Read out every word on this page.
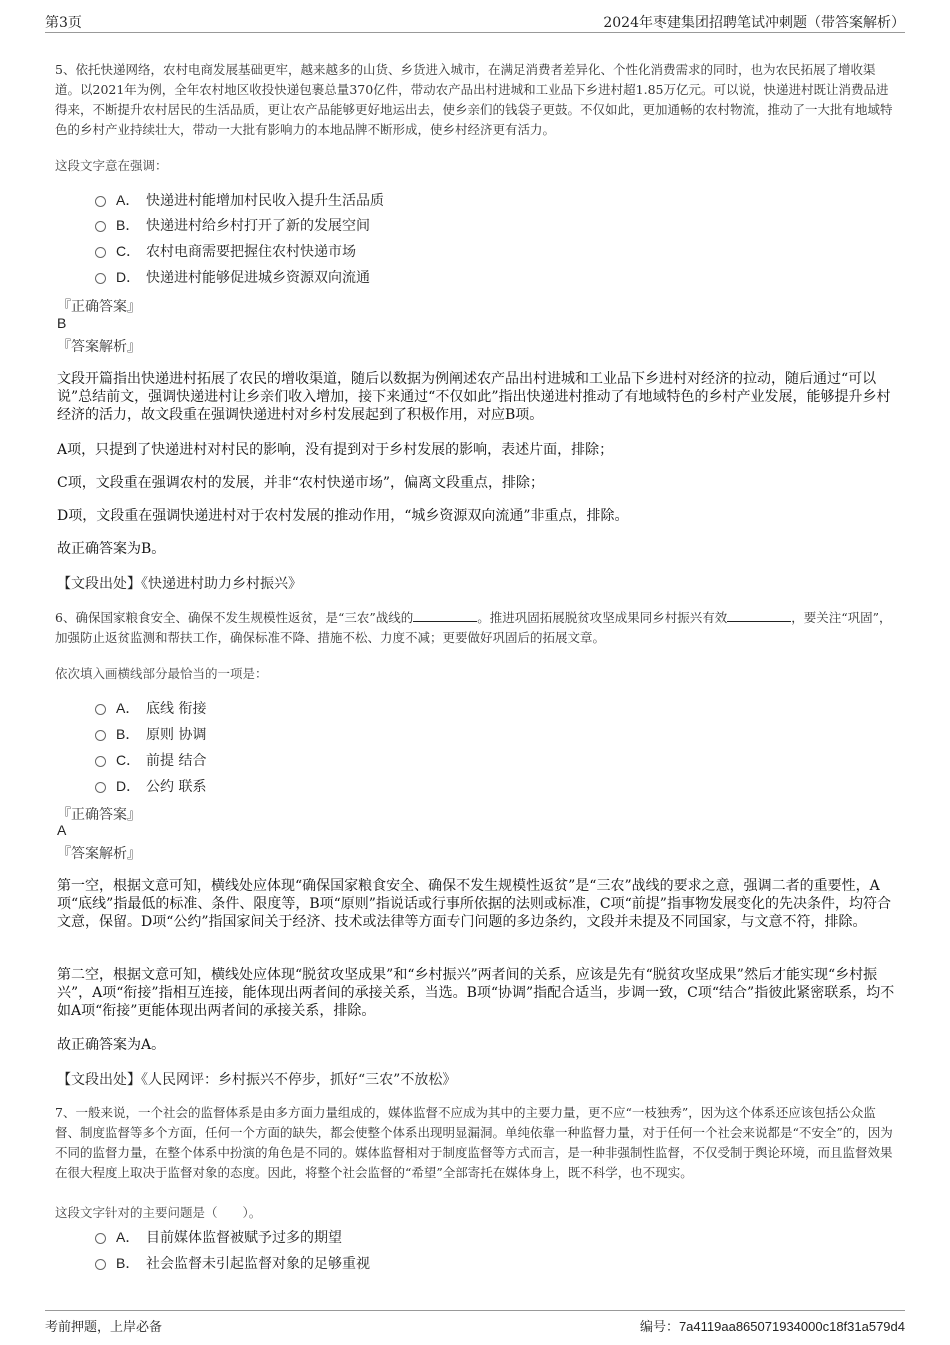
第3页	2024年枣建集团招聘笔试冲刺题（带答案解析）
5、依托快递网络，农村电商发展基础更牢，越来越多的山货、乡货进入城市，在满足消费者差异化、个性化消费需求的同时，也为农民拓展了增收渠道。以2021年为例，全年农村地区收投快递包裹总量370亿件，带动农产品出村进城和工业品下乡进村超1.85万亿元。可以说，快递进村既让消费品进得来，不断提升农村居民的生活品质，更让农产品能够更好地运出去，使乡亲们的钱袋子更鼓。不仅如此，更加通畅的农村物流，推动了一大批有地域特色的乡村产业持续壮大，带动一大批有影响力的本地品牌不断形成，使乡村经济更有活力。
这段文字意在强调：
A． 快递进村能增加村民收入提升生活品质
B． 快递进村给乡村打开了新的发展空间
C． 农村电商需要把握住农村快递市场
D． 快递进村能够促进城乡资源双向流通
『正确答案』
B
『答案解析』
文段开篇指出快递进村拓展了农民的增收渠道，随后以数据为例阐述农产品出村进城和工业品下乡进村对经济的拉动，随后通过“可以说”总结前文，强调快递进村让乡亲们收入增加，接下来通过“不仅如此”指出快递进村推动了有地域特色的乡村产业发展，能够提升乡村经济的活力，故文段重在强调快递进村对乡村发展起到了积极作用，对应B项。
A项，只提到了快递进村对村民的影响，没有提到对于乡村发展的影响，表述片面，排除；
C项，文段重在强调农村的发展，并非“农村快递市场”，偏离文段重点，排除；
D项，文段重在强调快递进村对于农村发展的推动作用，“城乡资源双向流通”非重点，排除。
故正确答案为B。
【文段出处】《快递进村助力乡村振兴》
6、确保国家粮食安全、确保不发生规模性返贫，是“三农”战线的	。推进巩固拓展脱贫攻坚成果同乡村振兴有效	，要关注“巩固”，加强防止返贫监测和帮扶工作，确保标准不降、措施不松、力度不减；更要做好巩固后的拓展文章。
依次填入画横线部分最恰当的一项是：
A． 底线 衔接
B． 原则 协调
C． 前提 结合
D． 公约 联系
『正确答案』
A
『答案解析』
第一空，根据文意可知，横线处应体现“确保国家粮食安全、确保不发生规模性返贫”是“三农”战线的要求之意，强调二者的重要性，A项“底线”指最低的标准、条件、限度等，B项“原则”指说话或行事所依据的法则或标准，C项“前提”指事物发展变化的先决条件，均符合文意，保留。D项“公约”指国家间关于经济、技术或法律等方面专门问题的多边条约，文段并未提及不同国家，与文意不符，排除。
第二空，根据文意可知，横线处应体现“脱贫攻坚成果”和“乡村振兴”两者间的关系，应该是先有“脱贫攻坚成果”然后才能实现“乡村振兴”，A项“衔接”指相互连接，能体现出两者间的承接关系，当选。B项“协调”指配合适当，步调一致，C项“结合”指彼此紧密联系，均不如A项“衔接”更能体现出两者间的承接关系，排除。
故正确答案为A。
【文段出处】《人民网评：乡村振兴不停步，抓好“三农”不放松》
7、一般来说，一个社会的监督体系是由多方面力量组成的，媒体监督不应成为其中的主要力量，更不应“一枝独秀”，因为这个体系还应该包括公众监督、制度监督等多个方面，任何一个方面的缺失，都会使整个体系出现明显漏洞。单纯依靠一种监督力量，对于任何一个社会来说都是“不安全”的，因为不同的监督力量，在整个体系中扮演的角色是不同的。媒体监督相对于制度监督等方式而言，是一种非强制性监督，不仅受制于舆论环境，而且监督效果在很大程度上取决于监督对象的态度。因此，将整个社会监督的“希望”全部寄托在媒体身上，既不科学，也不现实。
这段文字针对的主要问题是（　　）。
A． 目前媒体监督被赋予过多的期望
B． 社会监督未引起监督对象的足够重视
考前押题，上岸必备	编号：7a4119aa865071934000c18f31a579d4
